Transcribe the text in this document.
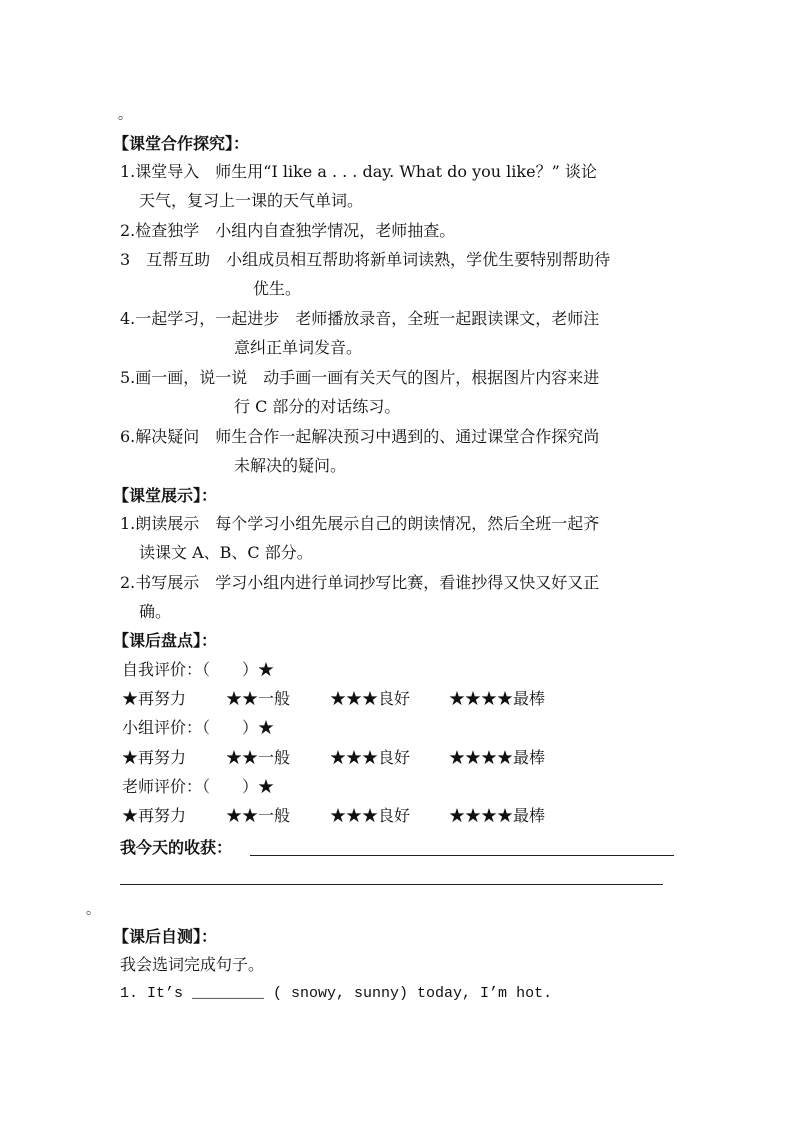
。
【课堂合作探究】：
1.课堂导入　师生用“I like a . . . day. What do you like？” 谈论
天气，复习上一课的天气单词。
2.检查独学　小组内自查独学情况，老师抽查。
3　互帮互助　小组成员相互帮助将新单词读熟，学优生要特别帮助待
优生。
4.一起学习，一起进步　老师播放录音，全班一起跟读课文，老师注
意纠正单词发音。
5.画一画，说一说　动手画一画有关天气的图片，根据图片内容来进
行 C 部分的对话练习。
6.解决疑问　师生合作一起解决预习中遇到的、通过课堂合作探究尚
未解决的疑问。
【课堂展示】：
1.朗读展示　每个学习小组先展示自己的朗读情况，然后全班一起齐
读课文 A、B、C 部分。
2.书写展示　学习小组内进行单词抄写比赛，看谁抄得又快又好又正
确。
【课后盘点】：
自我评价：（　　）★
★再努力 ★★一般 ★★★良好 ★★★★最棒
小组评价：（　　）★
★再努力 ★★一般 ★★★良好 ★★★★最棒
老师评价：（　　）★
★再努力 ★★一般 ★★★良好 ★★★★最棒
我今天的收获：
。
【课后自测】：
我会选词完成句子。
1. It’s ________ ( snowy, sunny) today, I’m hot.
